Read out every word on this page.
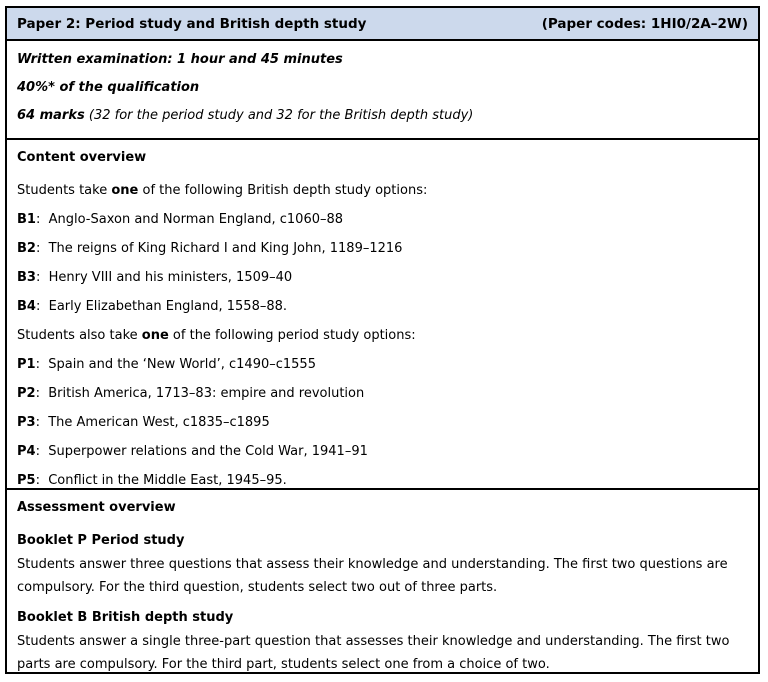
Paper 2: Period study and British depth study	(Paper codes: 1HI0/2A–2W)

Written examination: 1 hour and 45 minutes

40%* of the qualification

64 marks (32 for the period study and 32 for the British depth study)

Content overview

Students take one of the following British depth study options:

B1:  Anglo-Saxon and Norman England, c1060–88

B2:  The reigns of King Richard I and King John, 1189–1216

B3:  Henry VIII and his ministers, 1509–40

B4:  Early Elizabethan England, 1558–88.

Students also take one of the following period study options:

P1:  Spain and the ‘New World’, c1490–c1555

P2:  British America, 1713–83: empire and revolution

P3:  The American West, c1835–c1895

P4:  Superpower relations and the Cold War, 1941–91

P5:  Conflict in the Middle East, 1945–95.

Assessment overview

Booklet P Period study

Students answer three questions that assess their knowledge and understanding. The first two questions are compulsory. For the third question, students select two out of three parts.

Booklet B British depth study

Students answer a single three-part question that assesses their knowledge and understanding. The first two parts are compulsory. For the third part, students select one from a choice of two.
